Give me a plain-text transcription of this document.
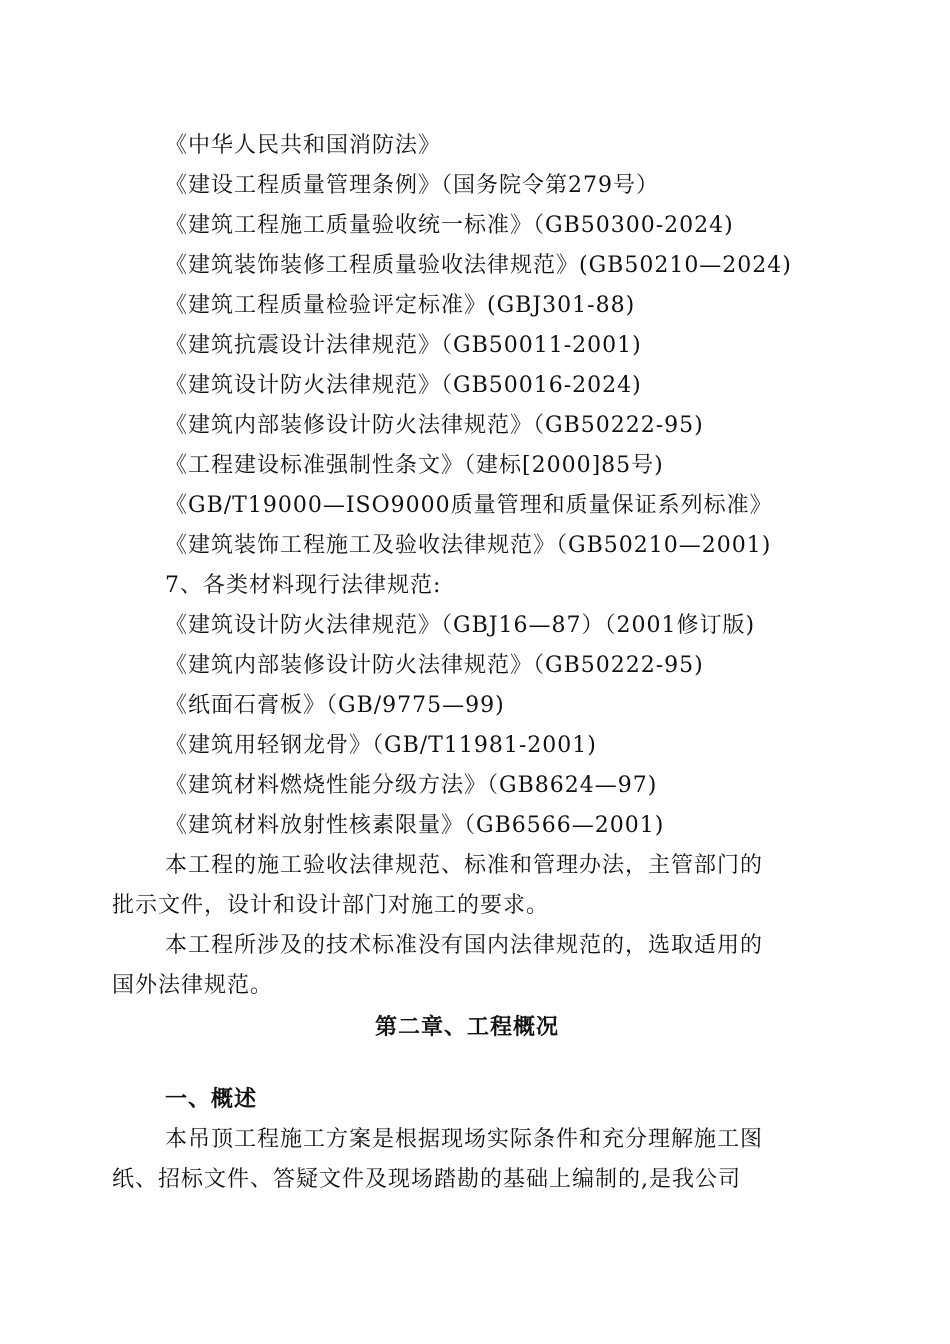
《中华人民共和国消防法》
《建设工程质量管理条例》（国务院令第279号）
《建筑工程施工质量验收统一标准》（GB50300-2024)
《建筑装饰装修工程质量验收法律规范》(GB50210—2024)
《建筑工程质量检验评定标准》(GBJ301-88)
《建筑抗震设计法律规范》（GB50011-2001)
《建筑设计防火法律规范》（GB50016-2024)
《建筑内部装修设计防火法律规范》（GB50222-95)
《工程建设标准强制性条文》（建标[2000]85号)
《GB/T19000—ISO9000质量管理和质量保证系列标准》
《建筑装饰工程施工及验收法律规范》（GB50210—2001)
7、各类材料现行法律规范:
《建筑设计防火法律规范》（GBJ16—87）（2001修订版)
《建筑内部装修设计防火法律规范》（GB50222-95)
《纸面石膏板》（GB/9775—99)
《建筑用轻钢龙骨》（GB/T11981-2001)
《建筑材料燃烧性能分级方法》（GB8624—97)
《建筑材料放射性核素限量》（GB6566—2001)
本工程的施工验收法律规范、标准和管理办法，主管部门的
批示文件，设计和设计部门对施工的要求。
本工程所涉及的技术标准没有国内法律规范的，选取适用的
国外法律规范。
第二章、工程概况
一、概述
本吊顶工程施工方案是根据现场实际条件和充分理解施工图
纸、招标文件、答疑文件及现场踏勘的基础上编制的,是我公司
